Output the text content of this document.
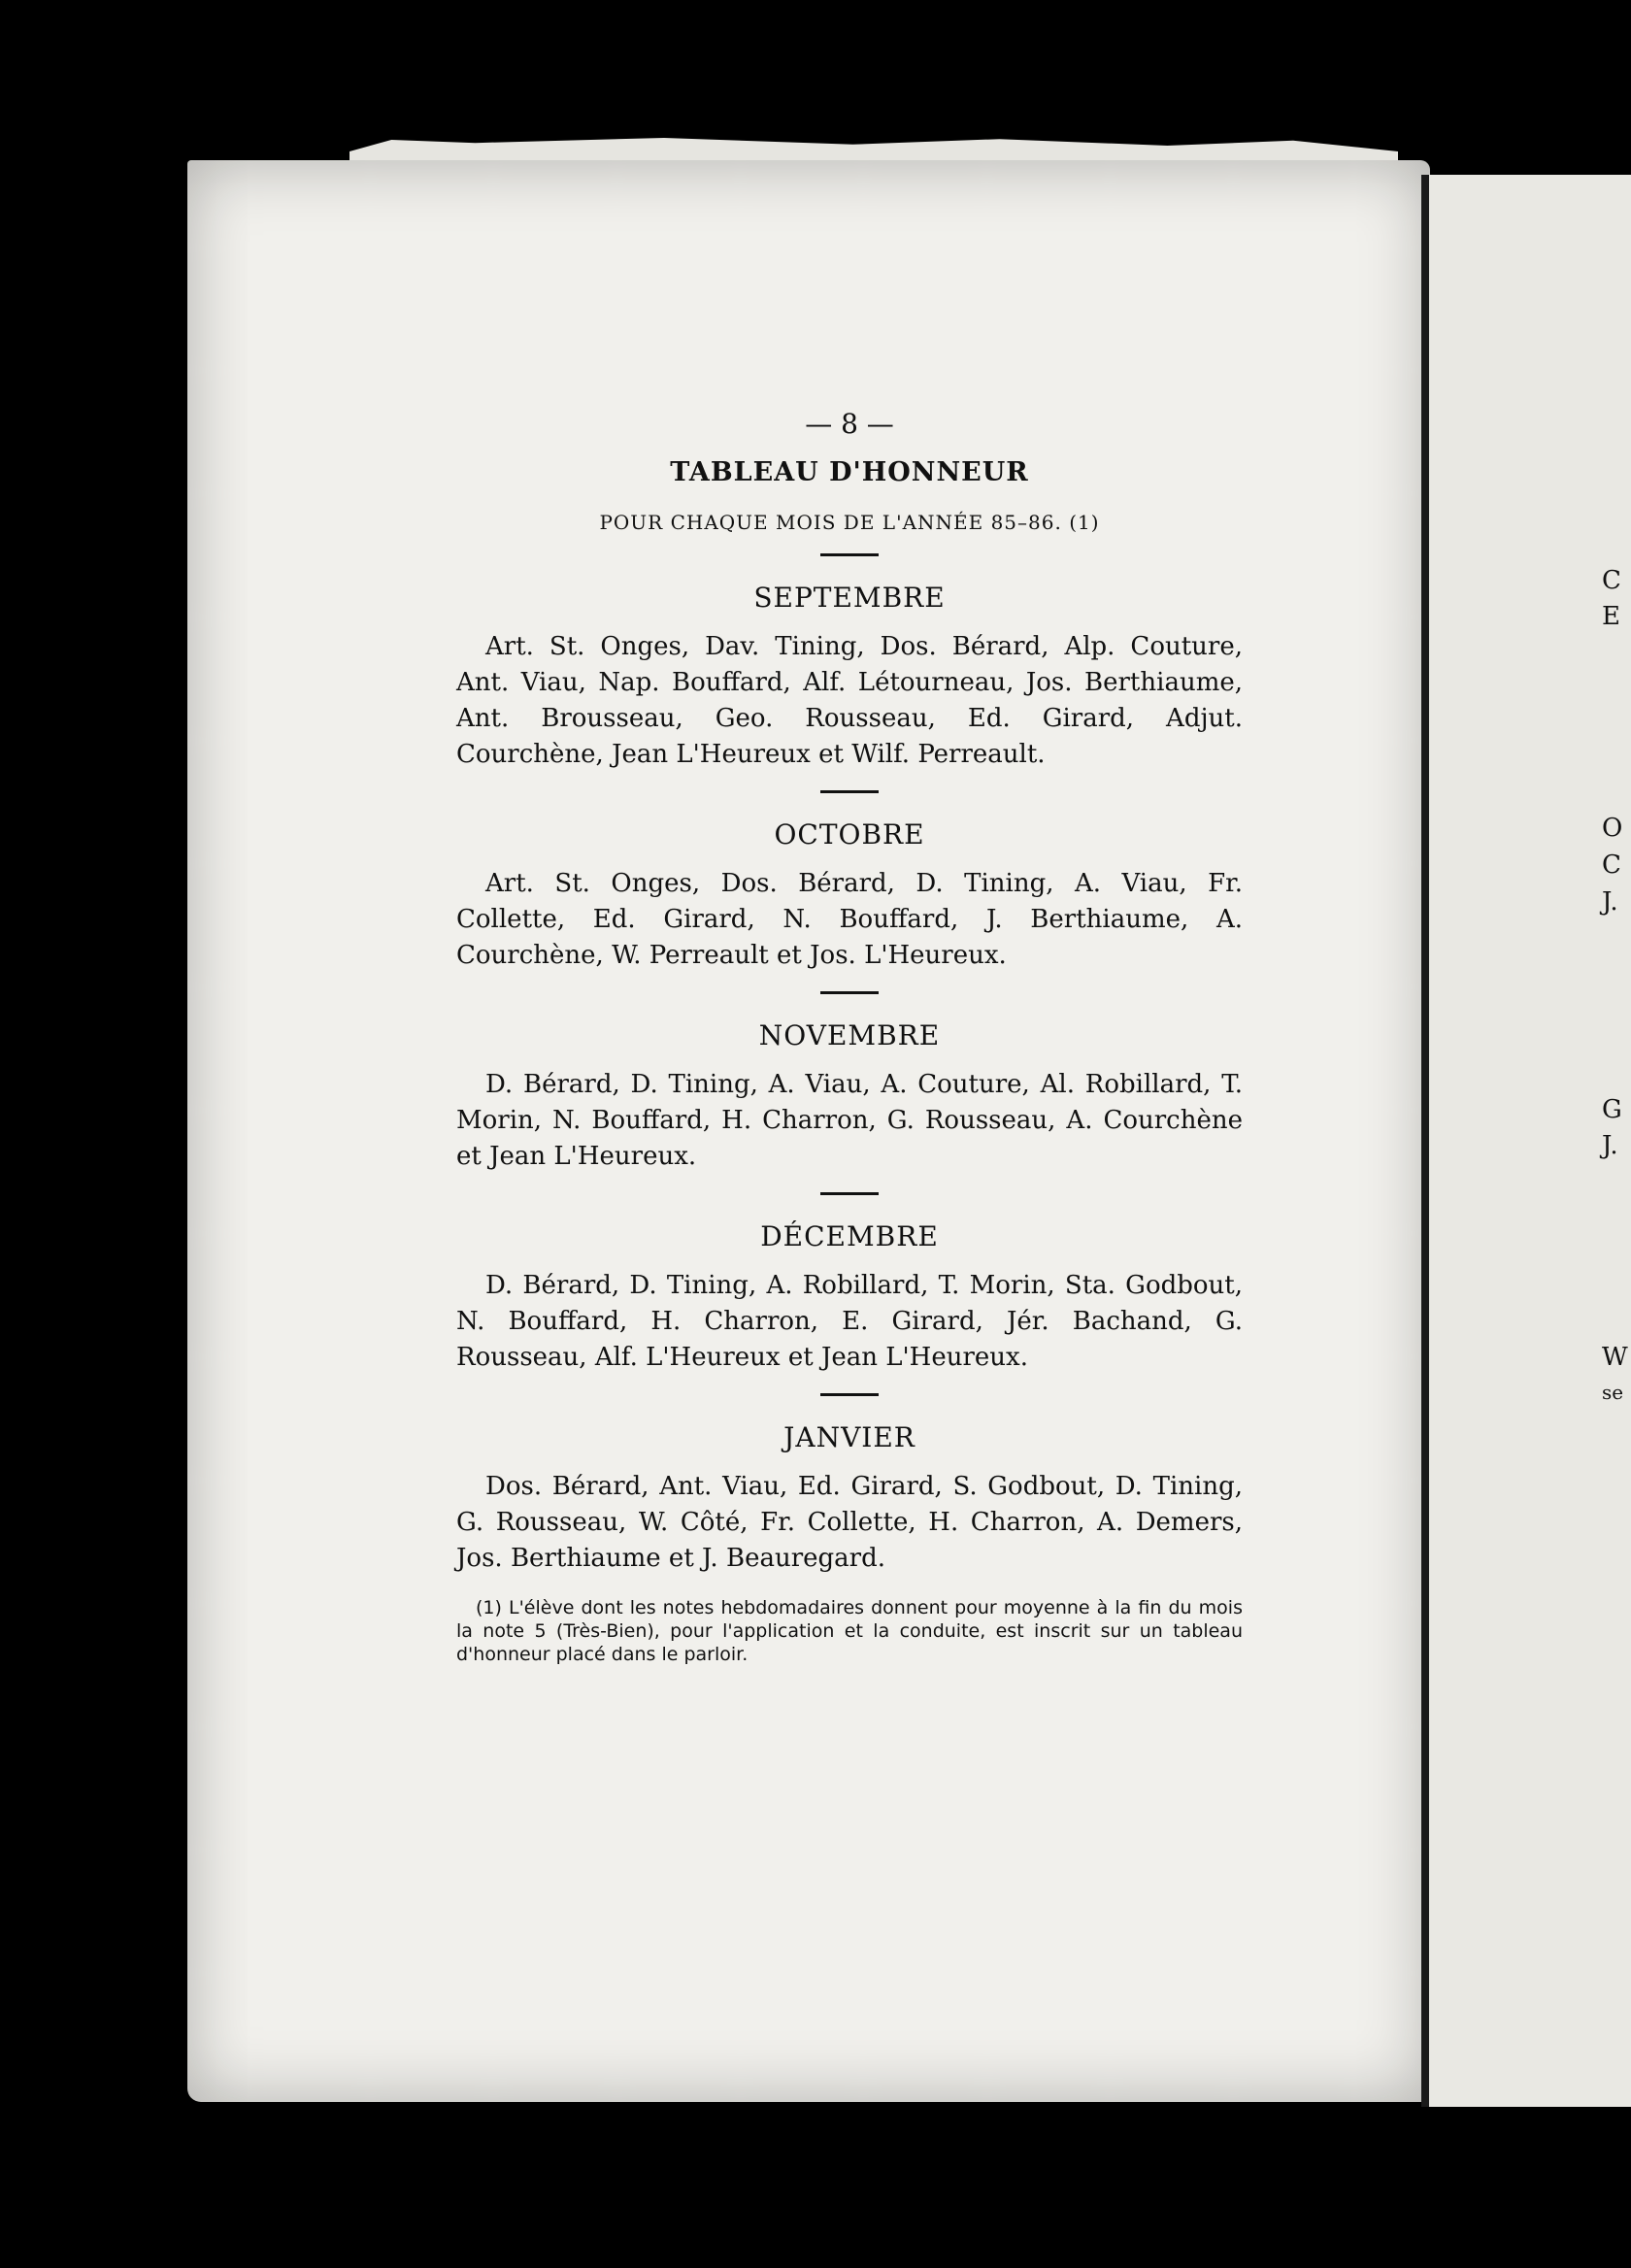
C
E
O
C
J.
G
J.
W
se
— 8 —
TABLEAU D'HONNEUR
POUR CHAQUE MOIS DE L'ANNÉE 85–86. (1)
SEPTEMBRE

Art. St. Onges, Dav. Tining, Dos. Bérard, Alp. Couture, Ant. Viau, Nap. Bouffard, Alf. Létourneau, Jos. Berthiaume, Ant. Brousseau, Geo. Rousseau, Ed. Girard, Adjut. Courchène, Jean L'Heureux et Wilf. Perreault.

OCTOBRE

Art. St. Onges, Dos. Bérard, D. Tining, A. Viau, Fr. Collette, Ed. Girard, N. Bouffard, J. Berthiaume, A. Courchène, W. Perreault et Jos. L'Heureux.

NOVEMBRE

D. Bérard, D. Tining, A. Viau, A. Couture, Al. Robillard, T. Morin, N. Bouffard, H. Charron, G. Rousseau, A. Courchène et Jean L'Heureux.

DÉCEMBRE

D. Bérard, D. Tining, A. Robillard, T. Morin, Sta. Godbout, N. Bouffard, H. Charron, E. Girard, Jér. Bachand, G. Rousseau, Alf. L'Heureux et Jean L'Heureux.

JANVIER

Dos. Bérard, Ant. Viau, Ed. Girard, S. Godbout, D. Tining, G. Rousseau, W. Côté, Fr. Collette, H. Charron, A. Demers, Jos. Berthiaume et J. Beauregard.

(1) L'élève dont les notes hebdomadaires donnent pour moyenne à la fin du mois la note 5 (Très-Bien), pour l'application et la conduite, est inscrit sur un tableau d'honneur placé dans le parloir.
